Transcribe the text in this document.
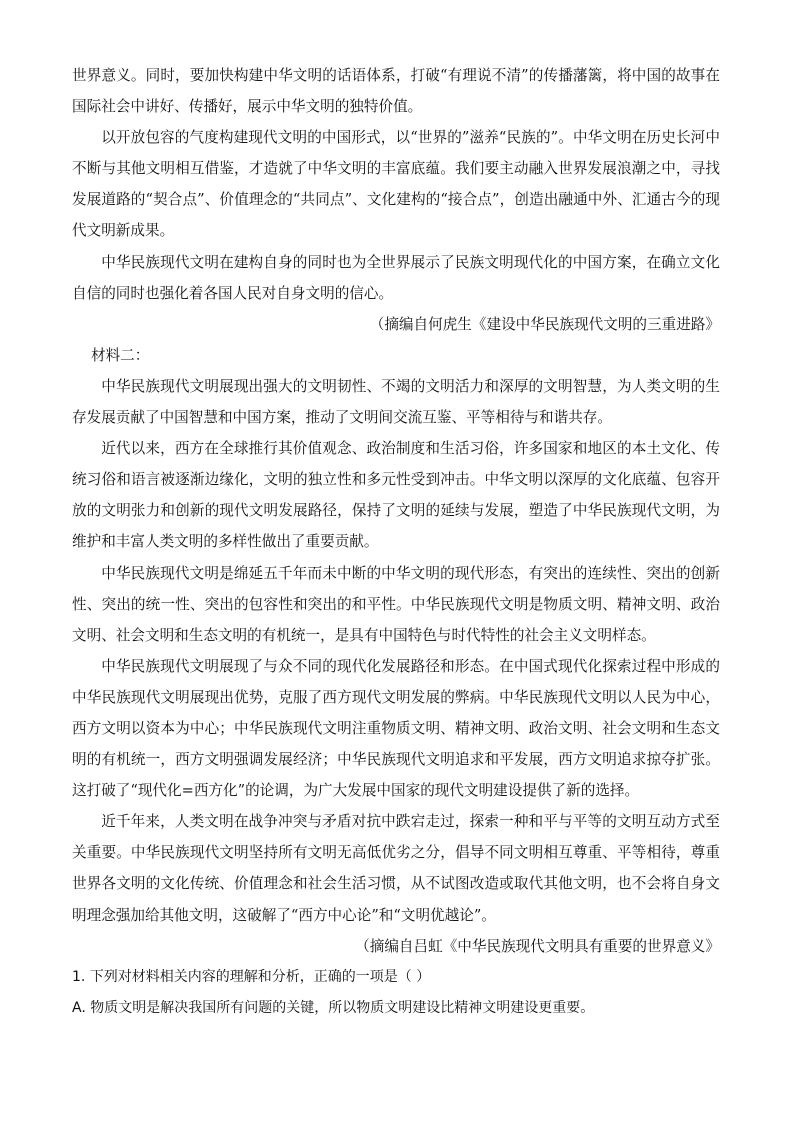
世界意义。同时，要加快构建中华文明的话语体系，打破“有理说不清”的传播藩篱，将中国的故事在国际社会中讲好、传播好，展示中华文明的独特价值。

以开放包容的气度构建现代文明的中国形式，以“世界的”滋养“民族的”。中华文明在历史长河中不断与其他文明相互借鉴，才造就了中华文明的丰富底蕴。我们要主动融入世界发展浪潮之中，寻找发展道路的“契合点”、价值理念的“共同点”、文化建构的“接合点”，创造出融通中外、汇通古今的现代文明新成果。

中华民族现代文明在建构自身的同时也为全世界展示了民族文明现代化的中国方案，在确立文化自信的同时也强化着各国人民对自身文明的信心。

（摘编自何虎生《建设中华民族现代文明的三重进路》

材料二：

中华民族现代文明展现出强大的文明韧性、不竭的文明活力和深厚的文明智慧，为人类文明的生存发展贡献了中国智慧和中国方案，推动了文明间交流互鉴、平等相待与和谐共存。

近代以来，西方在全球推行其价值观念、政治制度和生活习俗，许多国家和地区的本土文化、传统习俗和语言被逐渐边缘化，文明的独立性和多元性受到冲击。中华文明以深厚的文化底蕴、包容开放的文明张力和创新的现代文明发展路径，保持了文明的延续与发展，塑造了中华民族现代文明，为维护和丰富人类文明的多样性做出了重要贡献。

中华民族现代文明是绵延五千年而未中断的中华文明的现代形态，有突出的连续性、突出的创新性、突出的统一性、突出的包容性和突出的和平性。中华民族现代文明是物质文明、精神文明、政治文明、社会文明和生态文明的有机统一，是具有中国特色与时代特性的社会主义文明样态。

中华民族现代文明展现了与众不同的现代化发展路径和形态。在中国式现代化探索过程中形成的中华民族现代文明展现出优势，克服了西方现代文明发展的弊病。中华民族现代文明以人民为中心，西方文明以资本为中心；中华民族现代文明注重物质文明、精神文明、政治文明、社会文明和生态文明的有机统一，西方文明强调发展经济；中华民族现代文明追求和平发展，西方文明追求掠夺扩张。这打破了“现代化=西方化”的论调，为广大发展中国家的现代文明建设提供了新的选择。

近千年来，人类文明在战争冲突与矛盾对抗中跌宕走过，探索一种和平与平等的文明互动方式至关重要。中华民族现代文明坚持所有文明无高低优劣之分，倡导不同文明相互尊重、平等相待，尊重世界各文明的文化传统、价值理念和社会生活习惯，从不试图改造或取代其他文明，也不会将自身文明理念强加给其他文明，这破解了“西方中心论”和“文明优越论”。

（摘编自吕虹《中华民族现代文明具有重要的世界意义》

1. 下列对材料相关内容的理解和分析，正确的一项是（ ）

A. 物质文明是解决我国所有问题的关键，所以物质文明建设比精神文明建设更重要。
